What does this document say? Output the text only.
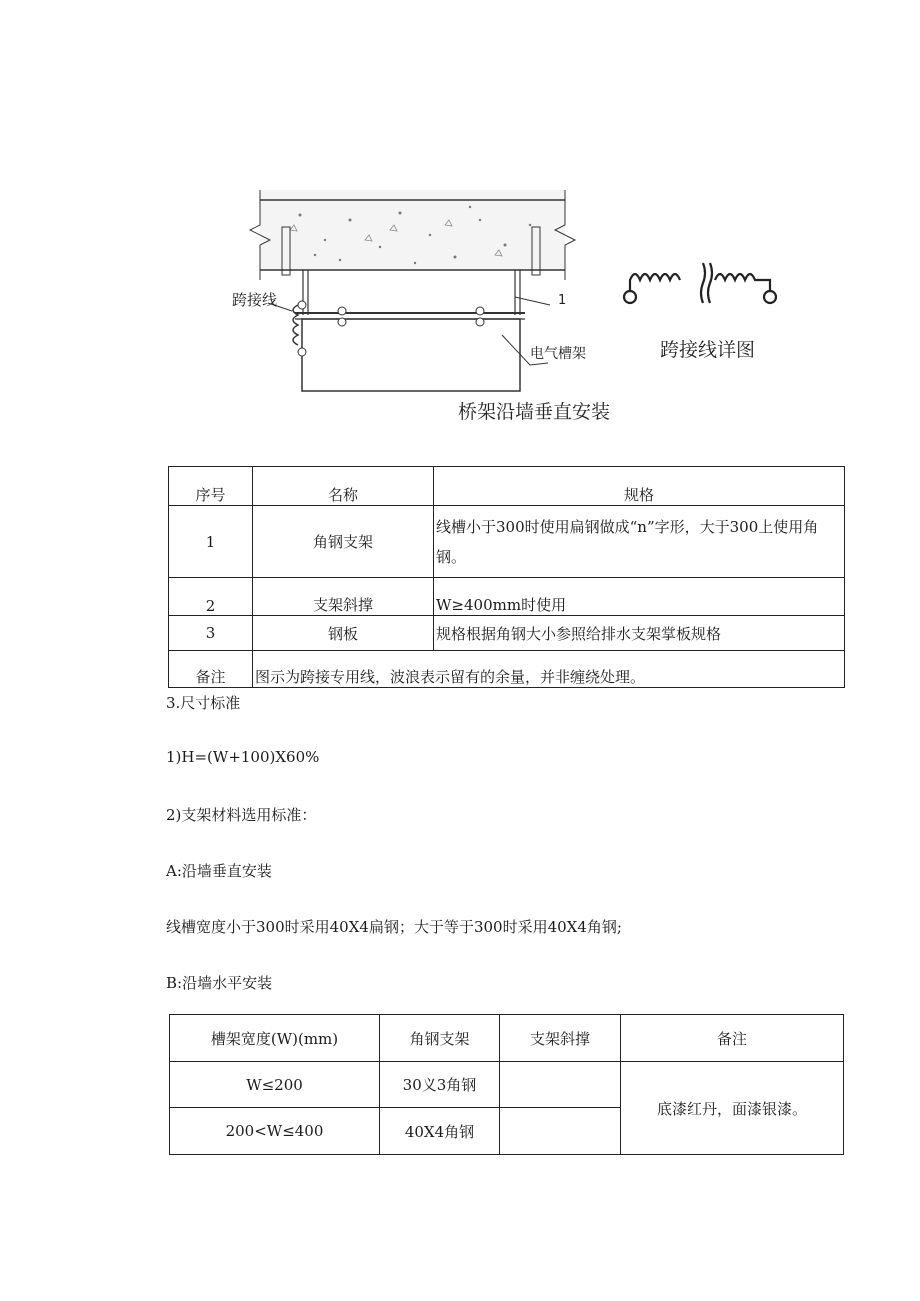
跨接线	1
电气槽架
桥架沿墙垂直安装
跨接线详图
序号	名称	规格
1	角钢支架	线槽小于300时使用扁钢做成“n”字形，大于300上使用角钢。
2	支架斜撑	W≥400mm时使用
3	钢板	规格根据角钢大小参照给排水支架掌板规格
备注	图示为跨接专用线，波浪表示留有的余量，并非缠绕处理。	
3.尺寸标准
1)H=(W+100)X60%
2)支架材料选用标准：
A:沿墙垂直安装
线槽宽度小于300时采用40X4扁钢；大于等于300时采用40X4角钢;
B:沿墙水平安装
槽架宽度(W)(mm)	角钢支架	支架斜撑	备注
W≤200	30义3角钢		底漆红丹，面漆银漆。
200<W≤400	40X4角钢		
